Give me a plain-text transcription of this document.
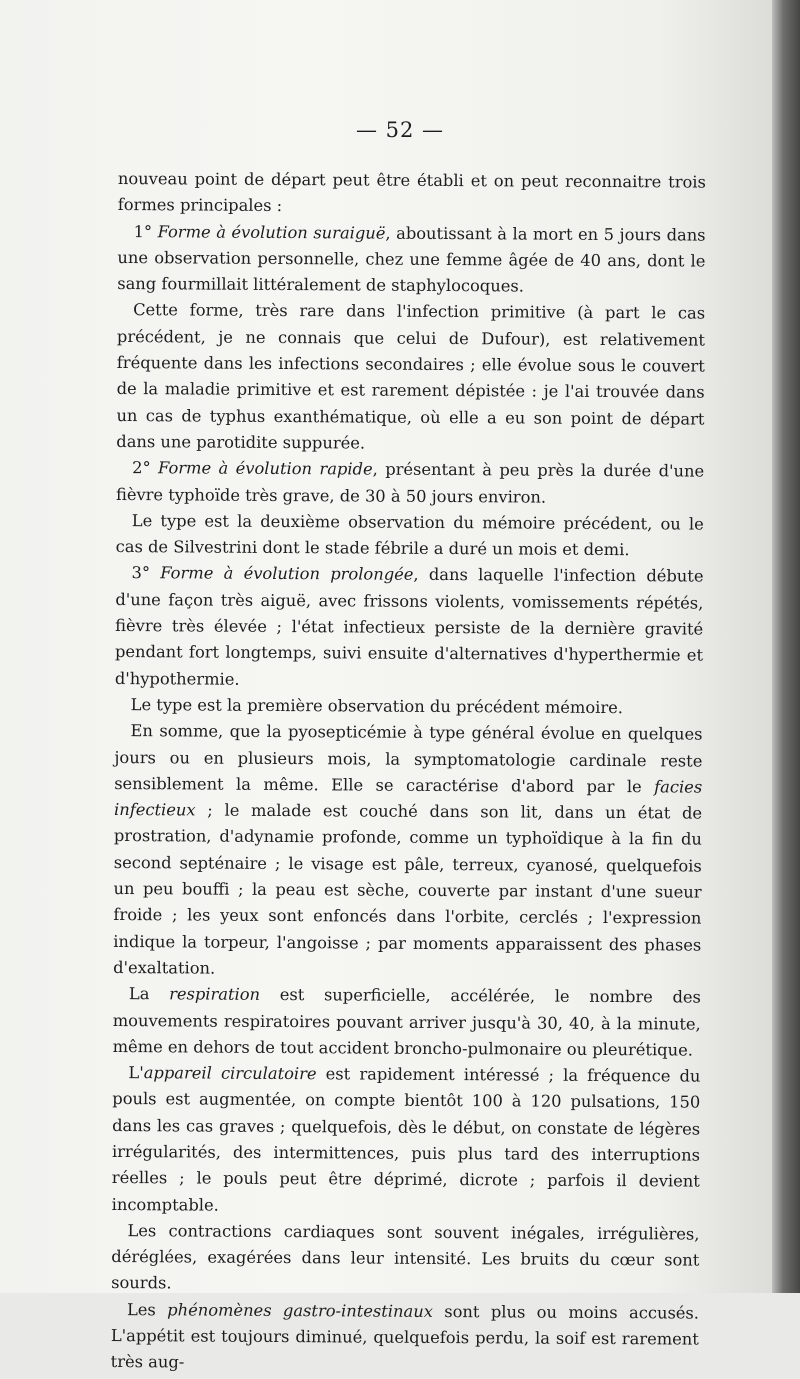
— 52 —

nouveau point de départ peut être établi et on peut reconnaitre trois formes principales :

1° Forme à évolution suraiguë, aboutissant à la mort en 5 jours dans une observation personnelle, chez une femme âgée de 40 ans, dont le sang fourmillait littéralement de staphylocoques.

Cette forme, très rare dans l'infection primitive (à part le cas précédent, je ne connais que celui de Dufour), est relativement fréquente dans les infections secondaires ; elle évolue sous le couvert de la maladie primitive et est rarement dépistée : je l'ai trouvée dans un cas de typhus exanthématique, où elle a eu son point de départ dans une parotidite suppurée.

2° Forme à évolution rapide, présentant à peu près la durée d'une fièvre typhoïde très grave, de 30 à 50 jours environ.

Le type est la deuxième observation du mémoire précédent, ou le cas de Silvestrini dont le stade fébrile a duré un mois et demi.

3° Forme à évolution prolongée, dans laquelle l'infection débute d'une façon très aiguë, avec frissons violents, vomissements répétés, fièvre très élevée ; l'état infectieux persiste de la dernière gravité pendant fort longtemps, suivi ensuite d'alternatives d'hyperthermie et d'hypothermie.

Le type est la première observation du précédent mémoire.

En somme, que la pyosepticémie à type général évolue en quelques jours ou en plusieurs mois, la symptomatologie cardinale reste sensiblement la même. Elle se caractérise d'abord par le facies infectieux ; le malade est couché dans son lit, dans un état de prostration, d'adynamie profonde, comme un typhoïdique à la fin du second septénaire ; le visage est pâle, terreux, cyanosé, quelquefois un peu bouffi ; la peau est sèche, couverte par instant d'une sueur froide ; les yeux sont enfoncés dans l'orbite, cerclés ; l'expression indique la torpeur, l'angoisse ; par moments apparaissent des phases d'exaltation.

La respiration est superficielle, accélérée, le nombre des mouvements respiratoires pouvant arriver jusqu'à 30, 40, à la minute, même en dehors de tout accident broncho-pulmonaire ou pleurétique.

L'appareil circulatoire est rapidement intéressé ; la fréquence du pouls est augmentée, on compte bientôt 100 à 120 pulsations, 150 dans les cas graves ; quelquefois, dès le début, on constate de légères irrégularités, des intermittences, puis plus tard des interruptions réelles ; le pouls peut être déprimé, dicrote ; parfois il devient incomptable.

Les contractions cardiaques sont souvent inégales, irrégulières, déréglées, exagérées dans leur intensité. Les bruits du cœur sont sourds.

Les phénomènes gastro-intestinaux sont plus ou moins accusés. L'appétit est toujours diminué, quelquefois perdu, la soif est rarement très aug-
